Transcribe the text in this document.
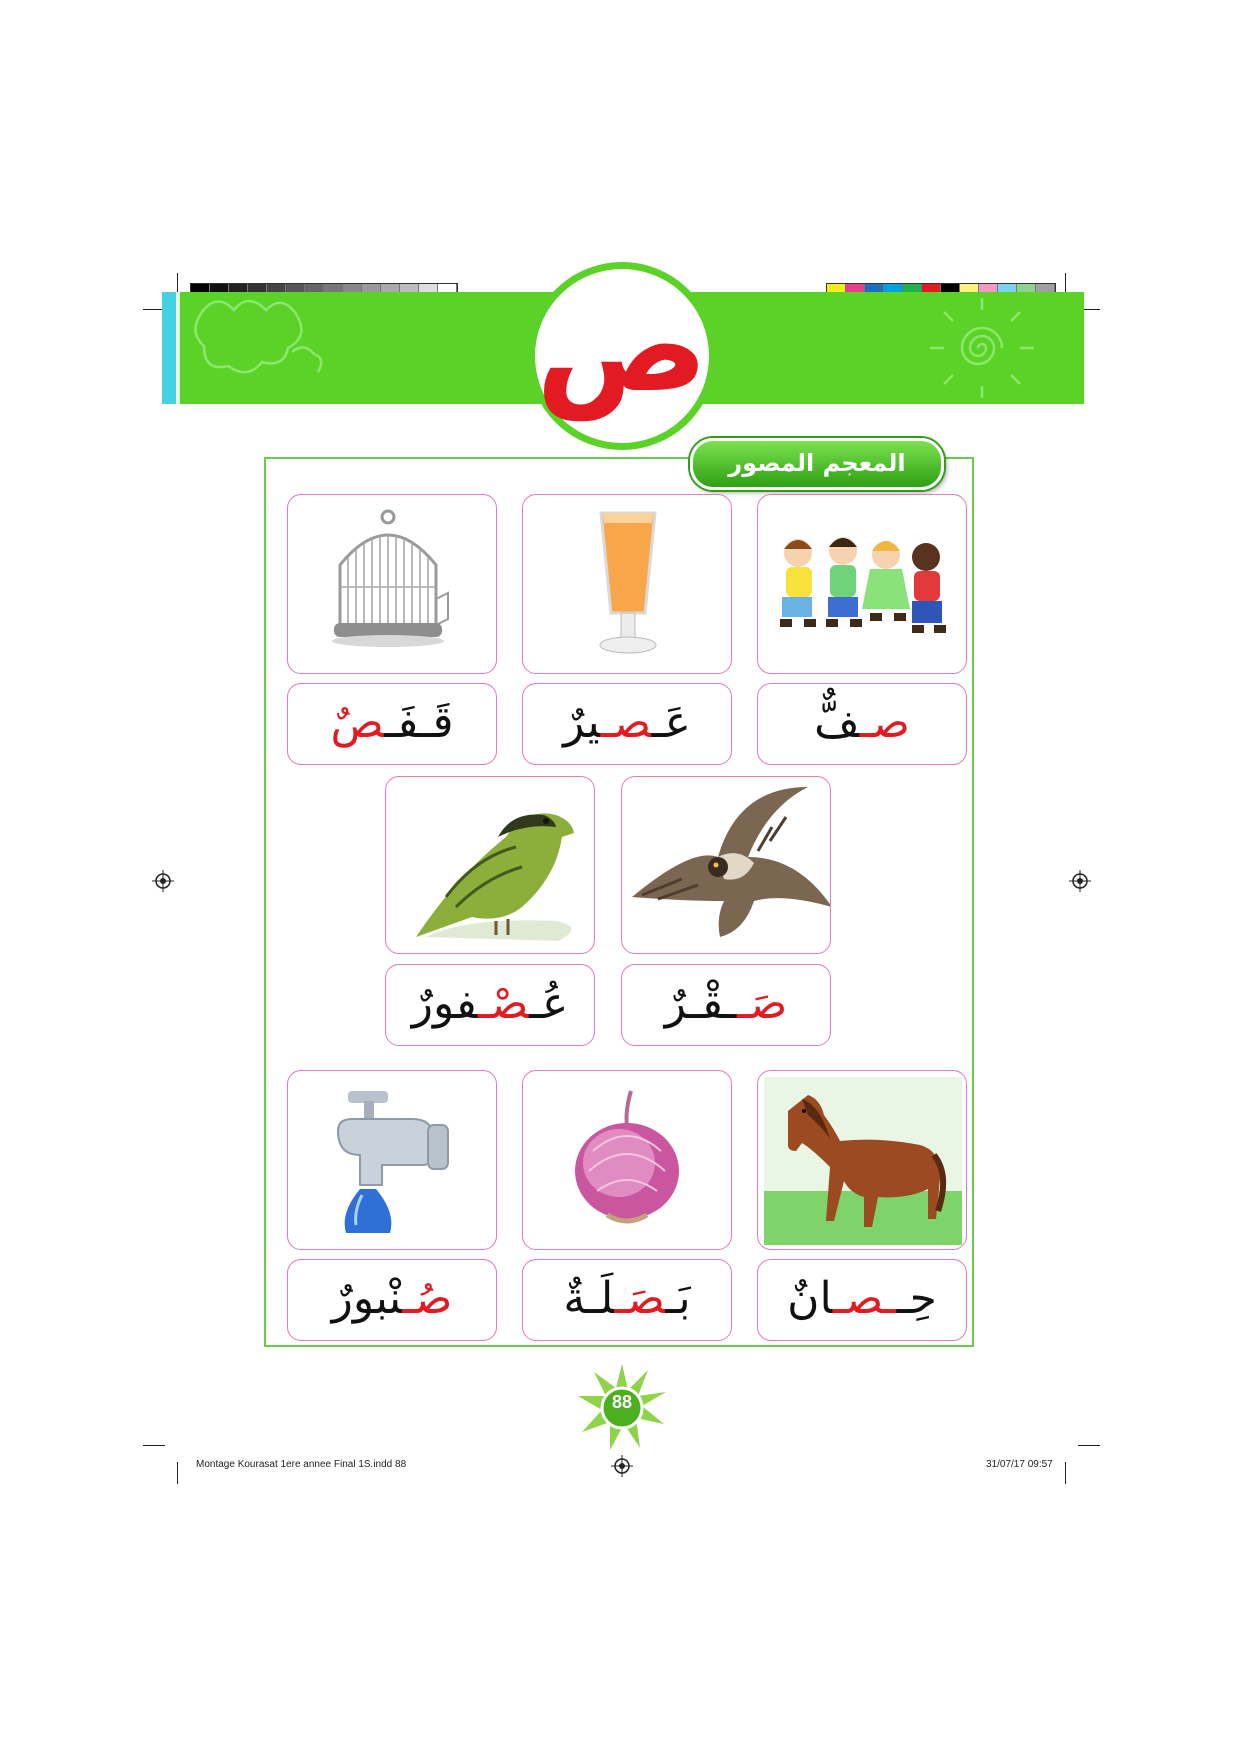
ص
المعجم المصور
صـفٌّ
عَـصـيرٌ
قَـفَـصٌ
صَــقْـرٌ
عُـصْـفورٌ
حِــصـانٌ
بَـصَـلَـةٌ
صُـنْبورٌ
88
Montage Kourasat 1ere annee Final 1S.indd 88	31/07/17 09:57
